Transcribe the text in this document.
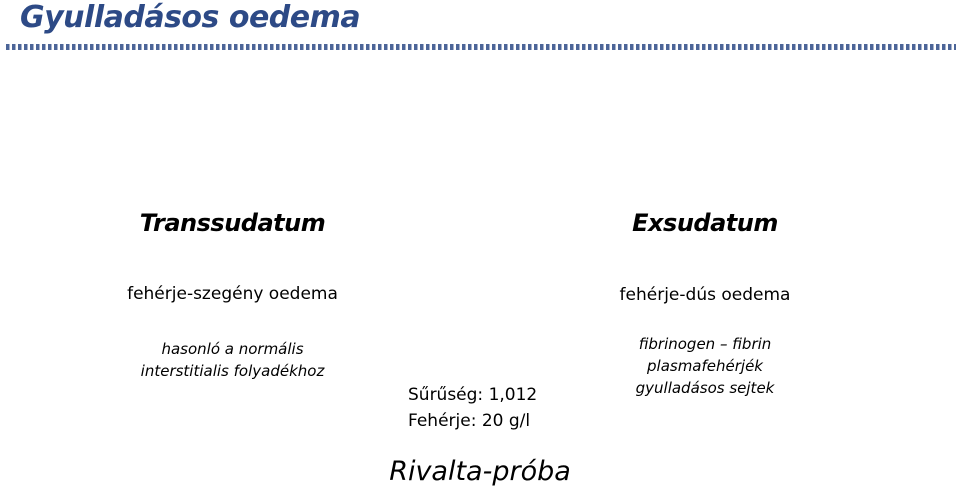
Gyulladásos oedema
Transsudatum
fehérje-szegény oedema
hasonló a normális
interstitialis folyadékhoz
Sűrűség: 1,012
Fehérje: 20 g/l
Rivalta-próba
Exsudatum
fehérje-dús oedema
fibrinogen – fibrin
plasmafehérjék
gyulladásos sejtek
